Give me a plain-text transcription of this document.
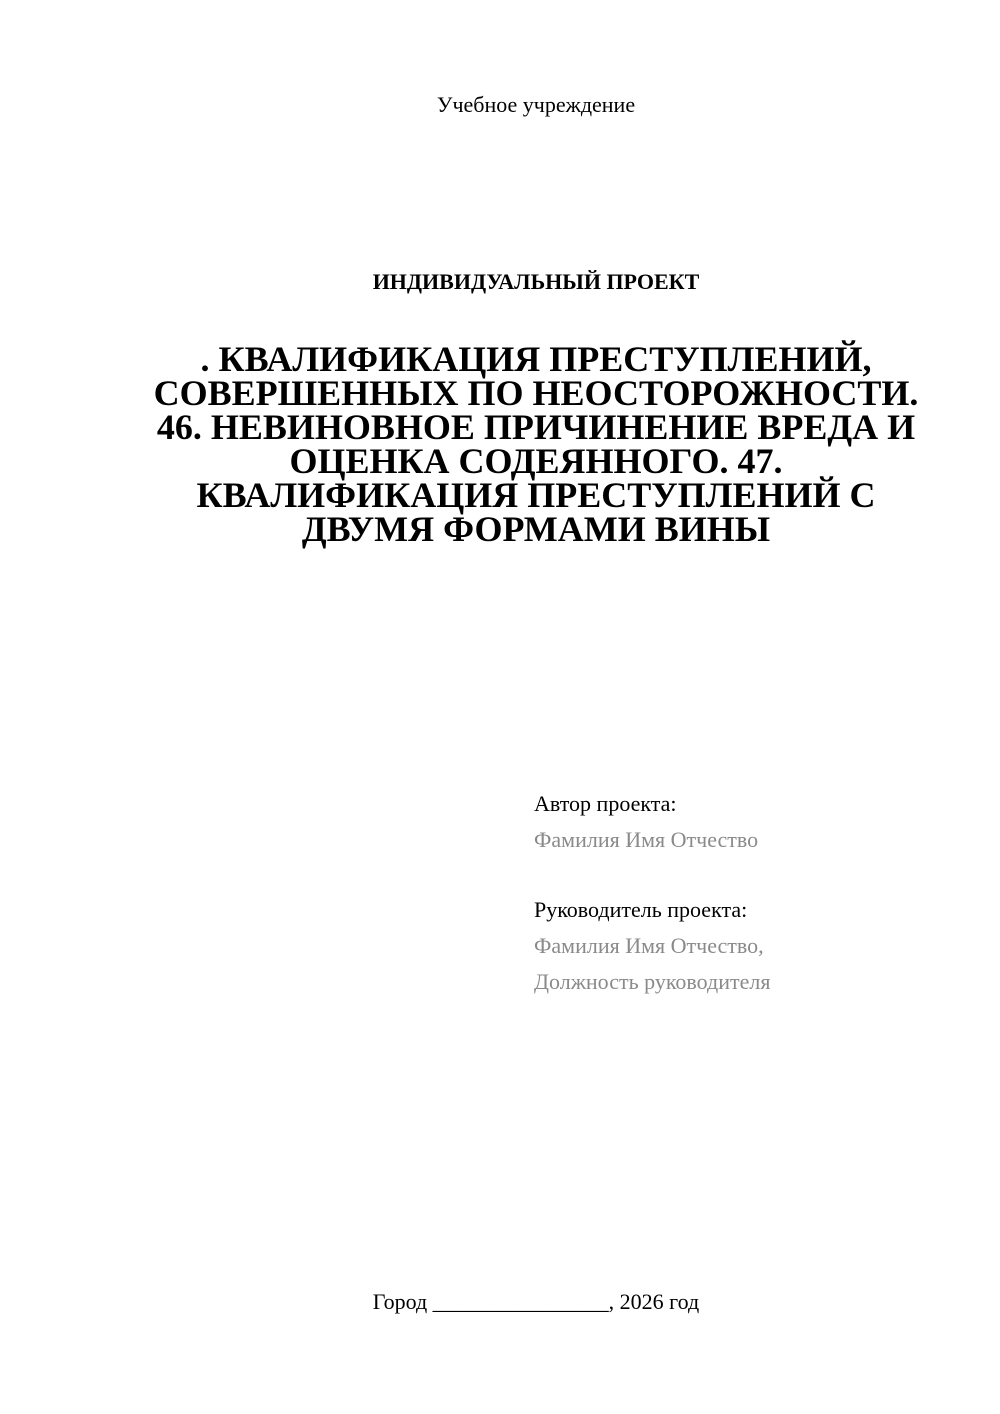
Учебное учреждение
ИНДИВИДУАЛЬНЫЙ ПРОЕКТ
. КВАЛИФИКАЦИЯ ПРЕСТУПЛЕНИЙ, СОВЕРШЕННЫХ ПО НЕОСТОРОЖНОСТИ. 46. НЕВИНОВНОЕ ПРИЧИНЕНИЕ ВРЕДА И ОЦЕНКА СОДЕЯННОГО. 47. КВАЛИФИКАЦИЯ ПРЕСТУПЛЕНИЙ С ДВУМЯ ФОРМАМИ ВИНЫ
Автор проекта:
Фамилия Имя Отчество
Руководитель проекта:
Фамилия Имя Отчество,
Должность руководителя
Город ________________, 2026 год
